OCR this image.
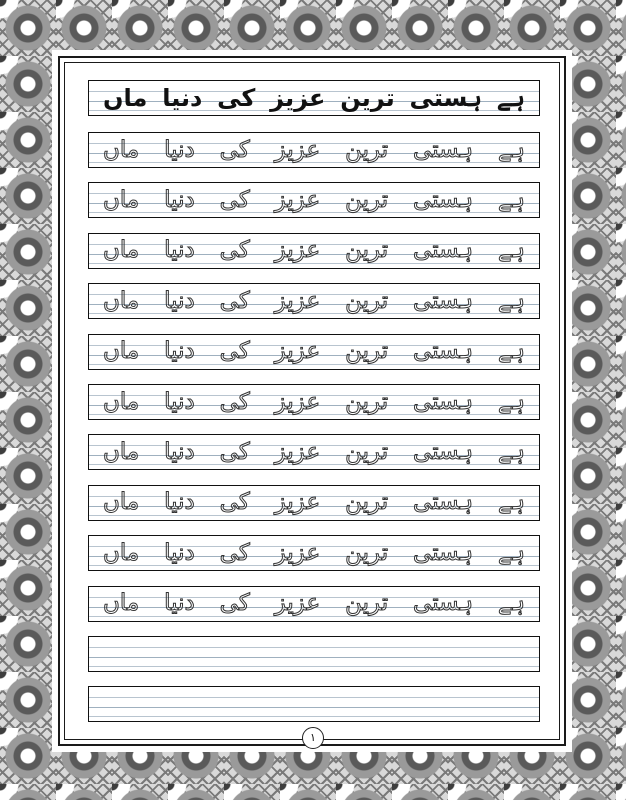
ماں دنیا کی عزیز ترین ہستی ہے
ماں دنیا کی عزیز ترین ہستی ہے
ماں دنیا کی عزیز ترین ہستی ہے
ماں دنیا کی عزیز ترین ہستی ہے
ماں دنیا کی عزیز ترین ہستی ہے
ماں دنیا کی عزیز ترین ہستی ہے
ماں دنیا کی عزیز ترین ہستی ہے
ماں دنیا کی عزیز ترین ہستی ہے
ماں دنیا کی عزیز ترین ہستی ہے
ماں دنیا کی عزیز ترین ہستی ہے
ماں دنیا کی عزیز ترین ہستی ہے
۱
